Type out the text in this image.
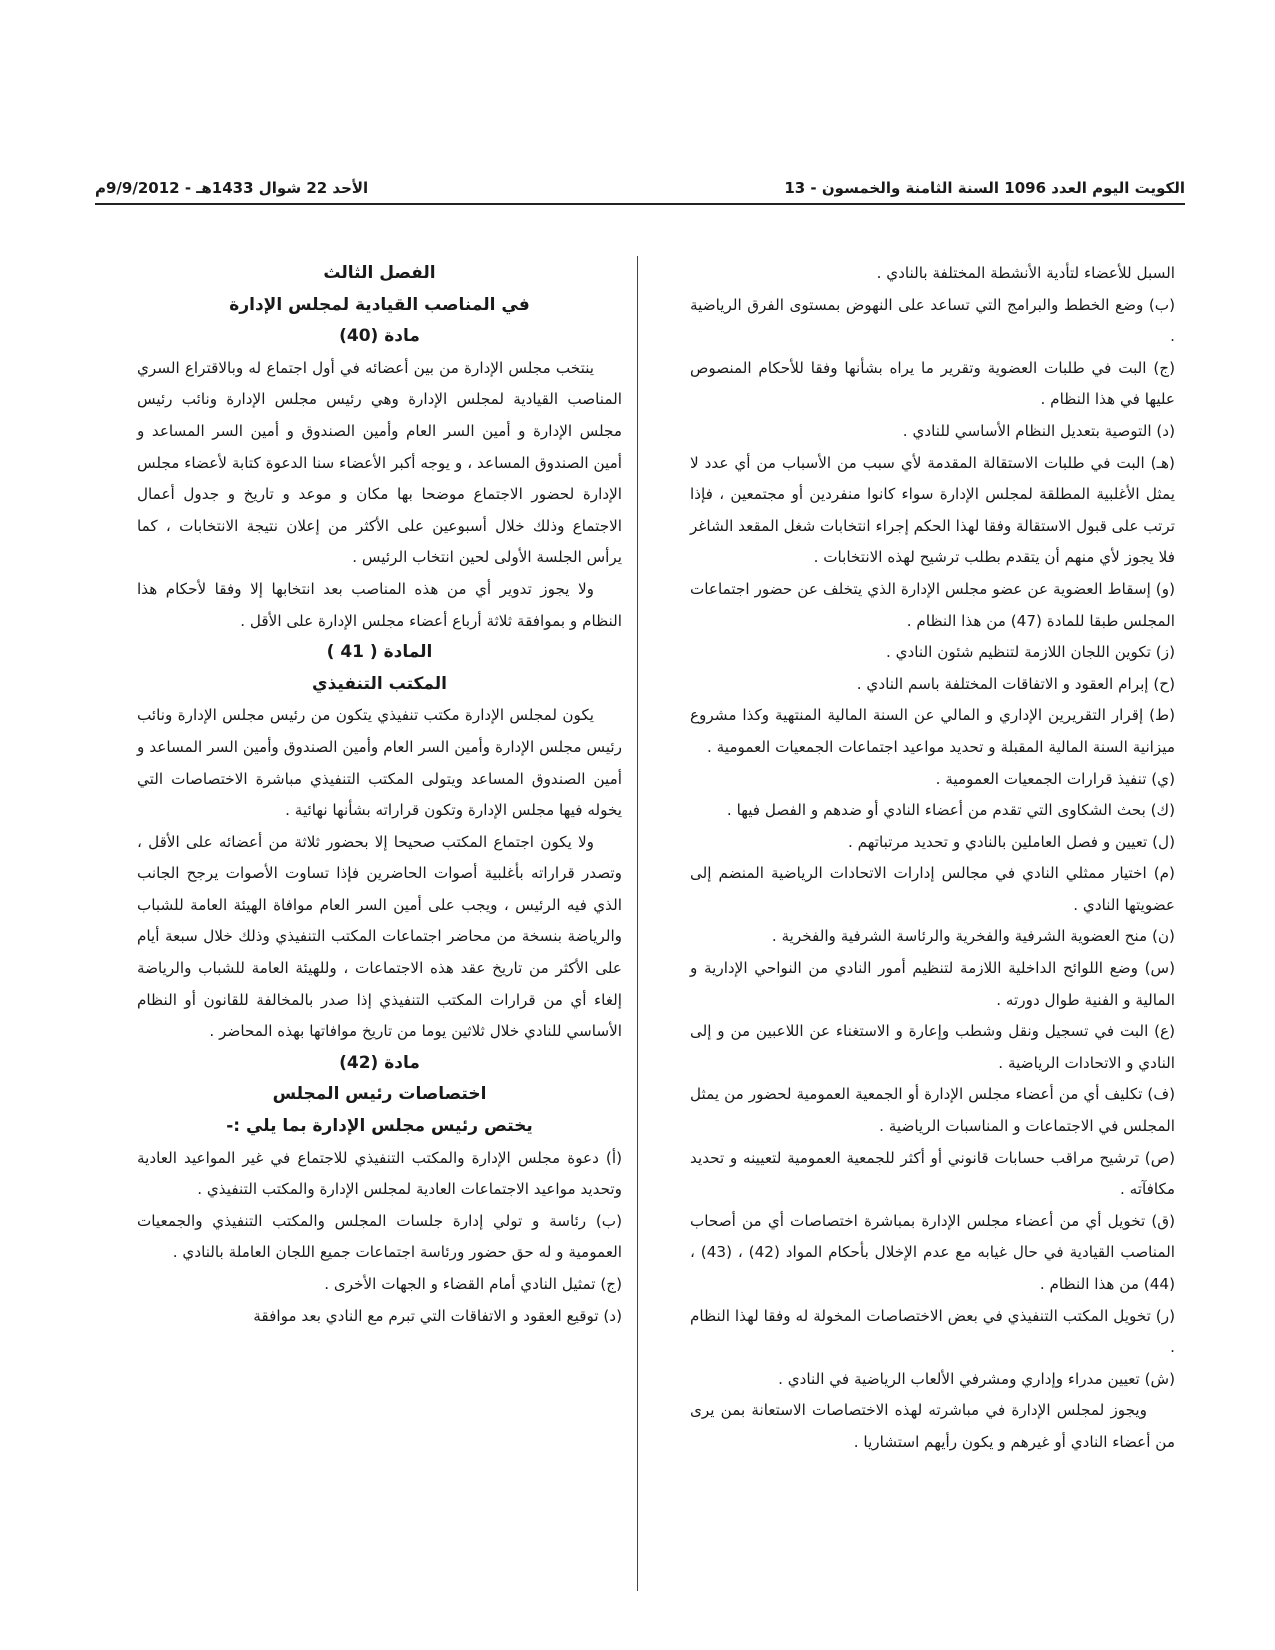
الكويت اليوم العدد 1096 السنة الثامنة والخمسون - 13
الأحد 22 شوال 1433هـ - 9/9/2012م

السبل للأعضاء لتأدية الأنشطة المختلفة بالنادي .

(ب) وضع الخطط والبرامج التي تساعد على النهوض بمستوى الفرق الرياضية .

(ج) البت في طلبات العضوية وتقرير ما يراه بشأنها وفقا للأحكام المنصوص عليها في هذا النظام .

(د) التوصية بتعديل النظام الأساسي للنادي .

(هـ) البت في طلبات الاستقالة المقدمة لأي سبب من الأسباب من أي عدد لا يمثل الأغلبية المطلقة لمجلس الإدارة سواء كانوا منفردين أو مجتمعين ، فإذا ترتب على قبول الاستقالة وفقا لهذا الحكم إجراء انتخابات شغل المقعد الشاغر فلا يجوز لأي منهم أن يتقدم بطلب ترشيح لهذه الانتخابات .

(و) إسقاط العضوية عن عضو مجلس الإدارة الذي يتخلف عن حضور اجتماعات المجلس طبقا للمادة (47) من هذا النظام .

(ز) تكوين اللجان اللازمة لتنظيم شئون النادي .

(ح) إبرام العقود و الاتفاقات المختلفة باسم النادي .

(ط) إقرار التقريرين الإداري و المالي عن السنة المالية المنتهية وكذا مشروع ميزانية السنة المالية المقبلة و تحديد مواعيد اجتماعات الجمعيات العمومية .

(ي) تنفيذ قرارات الجمعيات العمومية .

(ك) بحث الشكاوى التي تقدم من أعضاء النادي أو ضدهم و الفصل فيها .

(ل) تعيين و فصل العاملين بالنادي و تحديد مرتباتهم .

(م) اختيار ممثلي النادي في مجالس إدارات الاتحادات الرياضية المنضم إلى عضويتها النادي .

(ن) منح العضوية الشرفية والفخرية والرئاسة الشرفية والفخرية .

(س) وضع اللوائح الداخلية اللازمة لتنظيم أمور النادي من النواحي الإدارية و المالية و الفنية طوال دورته .

(ع) البت في تسجيل ونقل وشطب وإعارة و الاستغناء عن اللاعبين من و إلى النادي و الاتحادات الرياضية .

(ف) تكليف أي من أعضاء مجلس الإدارة أو الجمعية العمومية لحضور من يمثل المجلس في الاجتماعات و المناسبات الرياضية .

(ص) ترشيح مراقب حسابات قانوني أو أكثر للجمعية العمومية لتعيينه و تحديد مكافآته .

(ق) تخويل أي من أعضاء مجلس الإدارة بمباشرة اختصاصات أي من أصحاب المناصب القيادية في حال غيابه مع عدم الإخلال بأحكام المواد (42) ، (43) ، (44) من هذا النظام .

(ر) تخويل المكتب التنفيذي في بعض الاختصاصات المخولة له وفقا لهذا النظام .

(ش) تعيين مدراء وإداري ومشرفي الألعاب الرياضية في النادي .

ويجوز لمجلس الإدارة في مباشرته لهذه الاختصاصات الاستعانة بمن يرى من أعضاء النادي أو غيرهم و يكون رأيهم استشاريا .

الفصل الثالث

في المناصب القيادية لمجلس الإدارة

مادة (40)

ينتخب مجلس الإدارة من بين أعضائه في أول اجتماع له وبالاقتراع السري المناصب القيادية لمجلس الإدارة وهي رئيس مجلس الإدارة ونائب رئيس مجلس الإدارة و أمين السر العام وأمين الصندوق و أمين السر المساعد و أمين الصندوق المساعد ، و يوجه أكبر الأعضاء سنا الدعوة كتابة لأعضاء مجلس الإدارة لحضور الاجتماع موضحا بها مكان و موعد و تاريخ و جدول أعمال الاجتماع وذلك خلال أسبوعين على الأكثر من إعلان نتيجة الانتخابات ، كما يرأس الجلسة الأولى لحين انتخاب الرئيس .

ولا يجوز تدوير أي من هذه المناصب بعد انتخابها إلا وفقا لأحكام هذا النظام و بموافقة ثلاثة أرباع أعضاء مجلس الإدارة على الأقل .

المادة ( 41 )

المكتب التنفيذي

يكون لمجلس الإدارة مكتب تنفيذي يتكون من رئيس مجلس الإدارة ونائب رئيس مجلس الإدارة وأمين السر العام وأمين الصندوق وأمين السر المساعد و أمين الصندوق المساعد ويتولى المكتب التنفيذي مباشرة الاختصاصات التي يخوله فيها مجلس الإدارة وتكون قراراته بشأنها نهائية .

ولا يكون اجتماع المكتب صحيحا إلا بحضور ثلاثة من أعضائه على الأقل ، وتصدر قراراته بأغلبية أصوات الحاضرين فإذا تساوت الأصوات يرجح الجانب الذي فيه الرئيس ، ويجب على أمين السر العام موافاة الهيئة العامة للشباب والرياضة بنسخة من محاضر اجتماعات المكتب التنفيذي وذلك خلال سبعة أيام على الأكثر من تاريخ عقد هذه الاجتماعات ، وللهيئة العامة للشباب والرياضة إلغاء أي من قرارات المكتب التنفيذي إذا صدر بالمخالفة للقانون أو النظام الأساسي للنادي خلال ثلاثين يوما من تاريخ موافاتها بهذه المحاضر .

مادة (42)

اختصاصات رئيس المجلس

يختص رئيس مجلس الإدارة بما يلي :-

(أ) دعوة مجلس الإدارة والمكتب التنفيذي للاجتماع في غير المواعيد العادية وتحديد مواعيد الاجتماعات العادية لمجلس الإدارة والمكتب التنفيذي .

(ب) رئاسة و تولي إدارة جلسات المجلس والمكتب التنفيذي والجمعيات العمومية و له حق حضور ورئاسة اجتماعات جميع اللجان العاملة بالنادي .

(ج) تمثيل النادي أمام القضاء و الجهات الأخرى .

(د) توقيع العقود و الاتفاقات التي تبرم مع النادي بعد موافقة
